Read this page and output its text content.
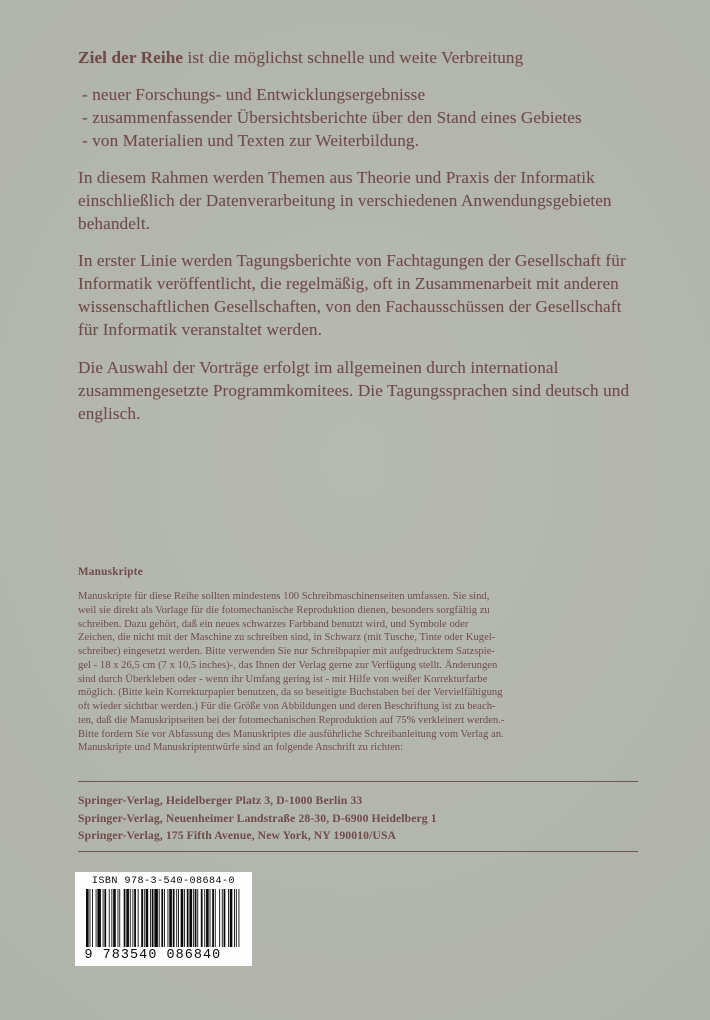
Ziel der Reihe ist die möglichst schnelle und weite Verbreitung

- neuer Forschungs- und Entwicklungsergebnisse
- zusammenfassender Übersichtsberichte über den Stand eines Gebietes
- von Materialien und Texten zur Weiterbildung.

In diesem Rahmen werden Themen aus Theorie und Praxis der Informatik einschließlich der Datenverarbeitung in verschiedenen Anwendungsgebieten behandelt.

In erster Linie werden Tagungsberichte von Fachtagungen der Gesellschaft für Informatik veröffentlicht, die regelmäßig, oft in Zusammenarbeit mit anderen wissenschaftlichen Gesellschaften, von den Fachausschüssen der Gesellschaft für Informatik veranstaltet werden.

Die Auswahl der Vorträge erfolgt im allgemeinen durch international zusammengesetzte Programmkomitees. Die Tagungssprachen sind deutsch und englisch.

Manuskripte
Manuskripte für diese Reihe sollten mindestens 100 Schreibmaschinenseiten umfassen. Sie sind,
weil sie direkt als Vorlage für die fotomechanische Reproduktion dienen, besonders sorgfältig zu
schreiben. Dazu gehört, daß ein neues schwarzes Farbband benutzt wird, und Symbole oder
Zeichen, die nicht mit der Maschine zu schreiben sind, in Schwarz (mit Tusche, Tinte oder Kugel-
schreiber) eingesetzt werden. Bitte verwenden Sie nur Schreibpapier mit aufgedrucktem Satzspie-
gel - 18 x 26,5 cm (7 x 10,5 inches)-, das Ihnen der Verlag gerne zur Verfügung stellt. Änderungen
sind durch Überkleben oder - wenn ihr Umfang gering ist - mit Hilfe von weißer Korrekturfarbe
möglich. (Bitte kein Korrekturpapier benutzen, da so beseitigte Buchstaben bei der Vervielfältigung
oft wieder sichtbar werden.) Für die Größe von Abbildungen und deren Beschriftung ist zu beach-
ten, daß die Manuskriptseiten bei der fotomechanischen Reproduktion auf 75% verkleinert werden.-
Bitte fordern Sie vor Abfassung des Manuskriptes die ausführliche Schreibanleitung vom Verlag an.
Manuskripte und Manuskriptentwürfe sind an folgende Anschrift zu richten:
Springer-Verlag, Heidelberger Platz 3, D-1000 Berlin 33
Springer-Verlag, Neuenheimer Landstraße 28-30, D-6900 Heidelberg 1
Springer-Verlag, 175 Fifth Avenue, New York, NY 190010/USA
ISBN 978-3-540-08684-0
9 783540 086840
